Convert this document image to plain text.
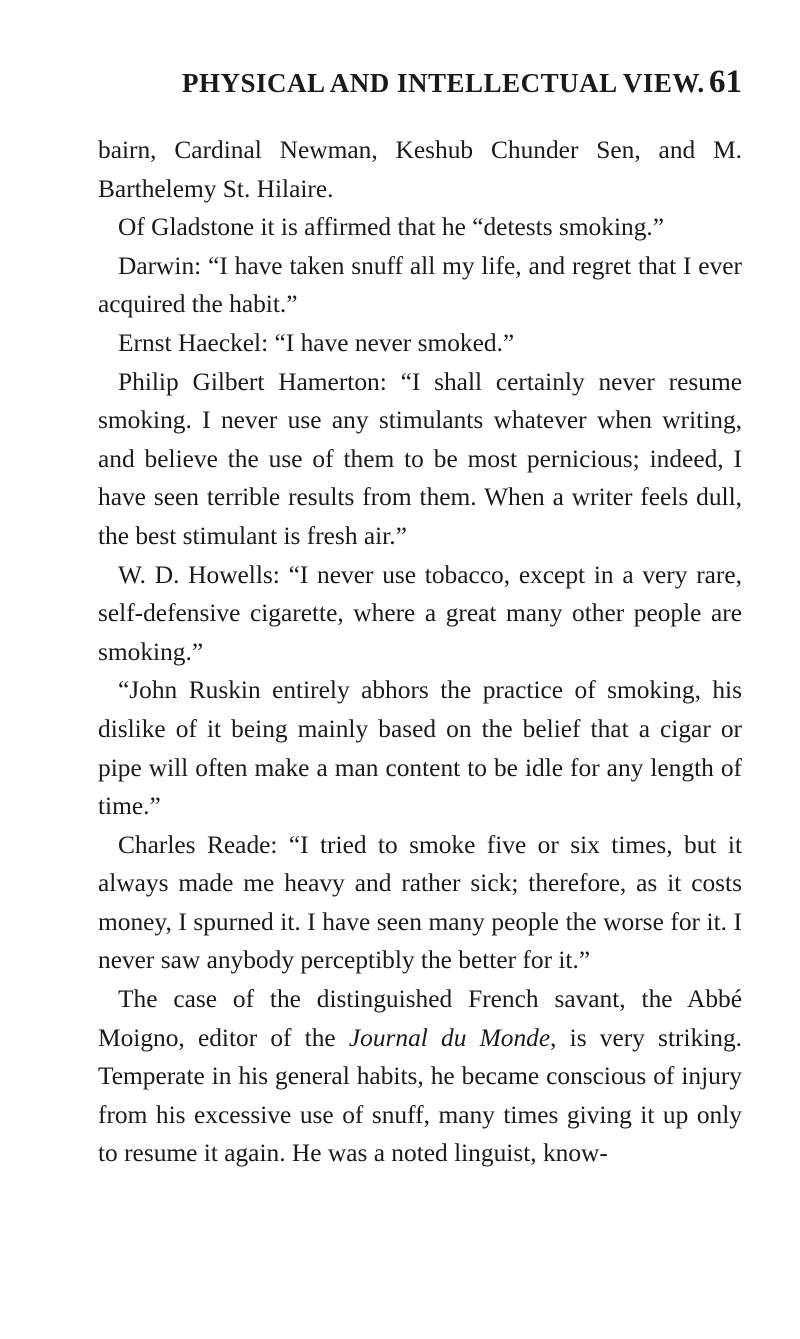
PHYSICAL AND INTELLECTUAL VIEW. 61

bairn, Cardinal Newman, Keshub Chunder Sen, and M. Barthelemy St. Hilaire.

Of Gladstone it is affirmed that he “detests smoking.”

Darwin: “I have taken snuff all my life, and regret that I ever acquired the habit.”

Ernst Haeckel: “I have never smoked.”

Philip Gilbert Hamerton: “I shall certainly never resume smoking. I never use any stimulants whatever when writing, and believe the use of them to be most pernicious; indeed, I have seen terrible results from them. When a writer feels dull, the best stimulant is fresh air.”

W. D. Howells: “I never use tobacco, except in a very rare, self-defensive cigarette, where a great many other people are smoking.”

“John Ruskin entirely abhors the practice of smoking, his dislike of it being mainly based on the belief that a cigar or pipe will often make a man content to be idle for any length of time.”

Charles Reade: “I tried to smoke five or six times, but it always made me heavy and rather sick; therefore, as it costs money, I spurned it. I have seen many people the worse for it. I never saw anybody perceptibly the better for it.”

The case of the distinguished French savant, the Abbé Moigno, editor of the Journal du Monde, is very striking. Temperate in his general habits, he became conscious of injury from his excessive use of snuff, many times giving it up only to resume it again. He was a noted linguist, know-
